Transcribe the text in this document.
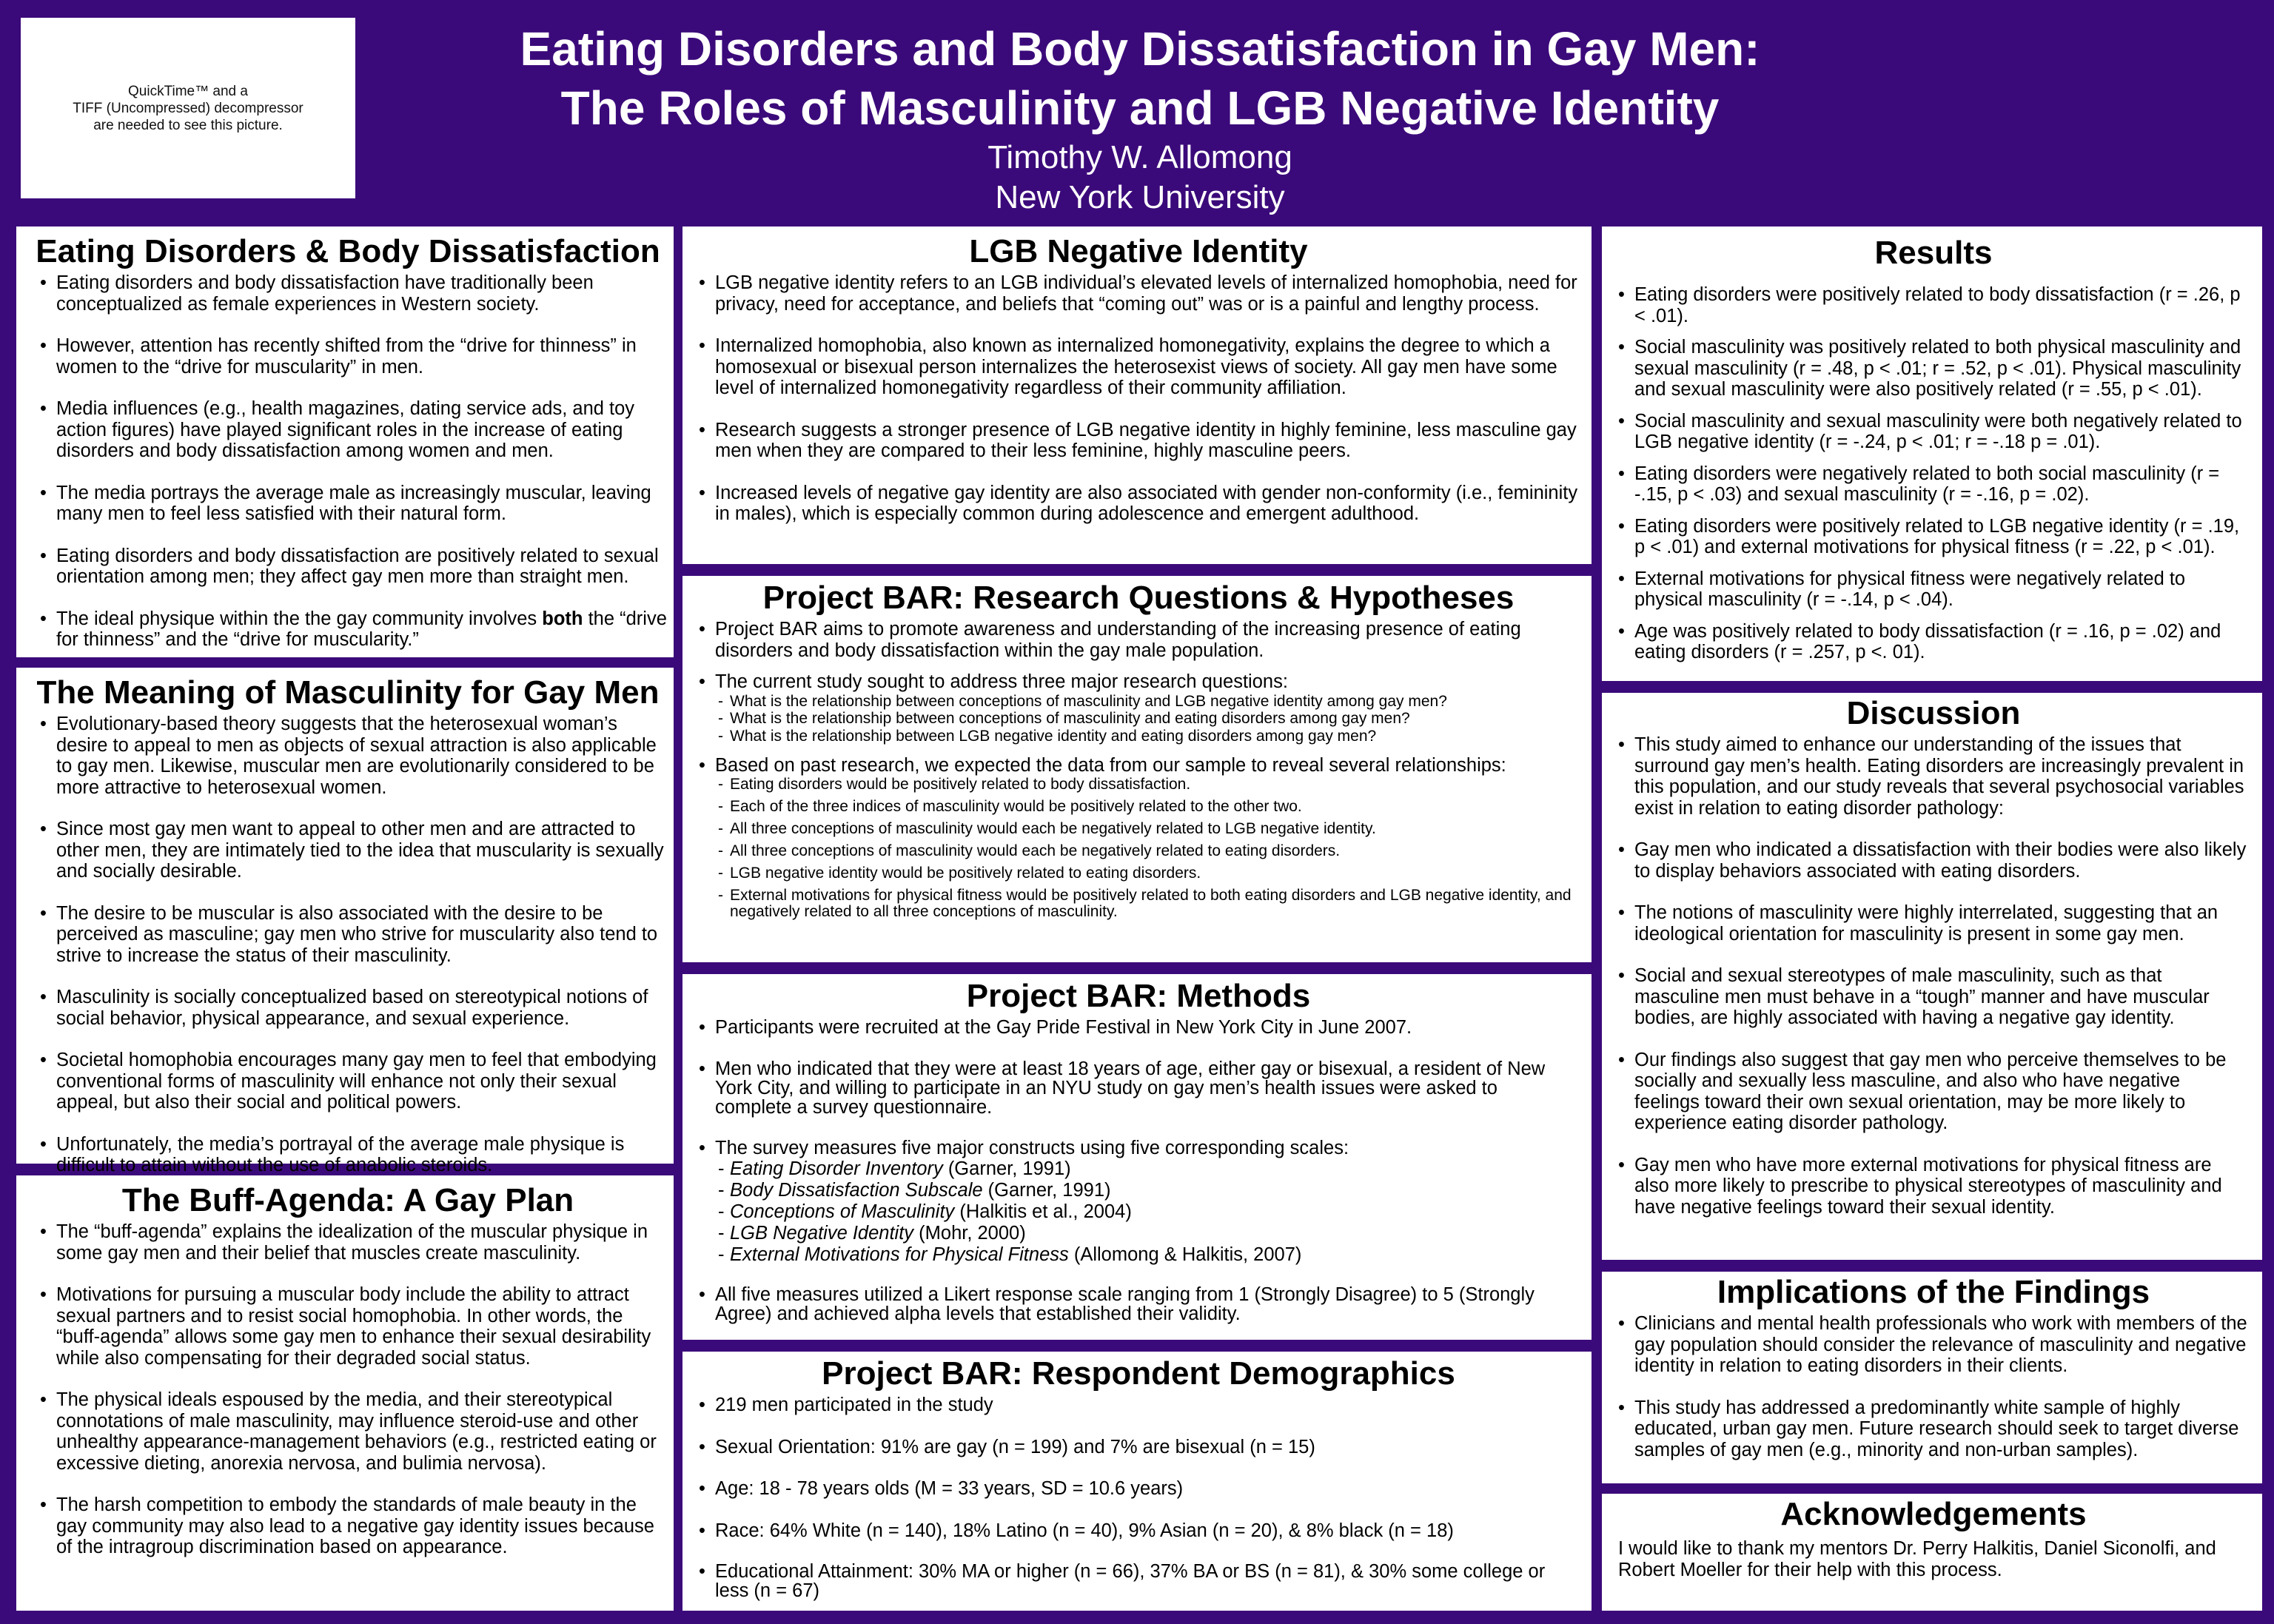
QuickTime™ and a
TIFF (Uncompressed) decompressor
are needed to see this picture.
Eating Disorders and Body Dissatisfaction in Gay Men:
The Roles of Masculinity and LGB Negative Identity
Timothy W. Allomong
New York University
Eating Disorders & Body Dissatisfaction
• Eating disorders and body dissatisfaction have traditionally been conceptualized as female experiences in Western society.
• However, attention has recently shifted from the “drive for thinness” in women to the “drive for muscularity” in men.
• Media influences (e.g., health magazines, dating service ads, and toy action figures) have played significant roles in the increase of eating disorders and body dissatisfaction among women and men.
• The media portrays the average male as increasingly muscular, leaving many men to feel less satisfied with their natural form.
• Eating disorders and body dissatisfaction are positively related to sexual orientation among men; they affect gay men more than straight men.
• The ideal physique within the the gay community involves both the “drive for thinness” and the “drive for muscularity.”
The Meaning of Masculinity for Gay Men
• Evolutionary-based theory suggests that the heterosexual woman’s desire to appeal to men as objects of sexual attraction is also applicable to gay men. Likewise, muscular men are evolutionarily considered to be more attractive to heterosexual women.
• Since most gay men want to appeal to other men and are attracted to other men, they are intimately tied to the idea that muscularity is sexually and socially desirable.
• The desire to be muscular is also associated with the desire to be perceived as masculine; gay men who strive for muscularity also tend to strive to increase the status of their masculinity.
• Masculinity is socially conceptualized based on stereotypical notions of social behavior, physical appearance, and sexual experience.
• Societal homophobia encourages many gay men to feel that embodying conventional forms of masculinity will enhance not only their sexual appeal, but also their social and political powers.
• Unfortunately, the media’s portrayal of the average male physique is difficult to attain without the use of anabolic steroids.
The Buff-Agenda: A Gay Plan
• The “buff-agenda” explains the idealization of the muscular physique in some gay men and their belief that muscles create masculinity.
• Motivations for pursuing a muscular body include the ability to attract sexual partners and to resist social homophobia. In other words, the “buff-agenda” allows some gay men to enhance their sexual desirability while also compensating for their degraded social status.
• The physical ideals espoused by the media, and their stereotypical connotations of male masculinity, may influence steroid-use and other unhealthy appearance-management behaviors (e.g., restricted eating or excessive dieting, anorexia nervosa, and bulimia nervosa).
• The harsh competition to embody the standards of male beauty in the gay community may also lead to a negative gay identity issues because of the intragroup discrimination based on appearance.
LGB Negative Identity
• LGB negative identity refers to an LGB individual’s elevated levels of internalized homophobia, need for privacy, need for acceptance, and beliefs that “coming out” was or is a painful and lengthy process.
• Internalized homophobia, also known as internalized homonegativity, explains the degree to which a homosexual or bisexual person internalizes the heterosexist views of society. All gay men have some level of internalized homonegativity regardless of their community affiliation.
• Research suggests a stronger presence of LGB negative identity in highly feminine, less masculine gay men when they are compared to their less feminine, highly masculine peers.
• Increased levels of negative gay identity are also associated with gender non-conformity (i.e., femininity in males), which is especially common during adolescence and emergent adulthood.
Project BAR: Research Questions & Hypotheses
• Project BAR aims to promote awareness and understanding of the increasing presence of eating disorders and body dissatisfaction within the gay male population.
• The current study sought to address three major research questions:
- What is the relationship between conceptions of masculinity and LGB negative identity among gay men?
- What is the relationship between conceptions of masculinity and eating disorders among gay men?
- What is the relationship between LGB negative identity and eating disorders among gay men?
• Based on past research, we expected the data from our sample to reveal several relationships:
- Eating disorders would be positively related to body dissatisfaction.
- Each of the three indices of masculinity would be positively related to the other two.
- All three conceptions of masculinity would each be negatively related to LGB negative identity.
- All three conceptions of masculinity would each be negatively related to eating disorders.
- LGB negative identity would be positively related to eating disorders.
- External motivations for physical fitness would be positively related to both eating disorders and LGB negative identity, and negatively related to all three conceptions of masculinity.
Project BAR: Methods
• Participants were recruited at the Gay Pride Festival in New York City in June 2007.
• Men who indicated that they were at least 18 years of age, either gay or bisexual, a resident of New York City, and willing to participate in an NYU study on gay men’s health issues were asked to complete a survey questionnaire.
• The survey measures five major constructs using five corresponding scales:
- Eating Disorder Inventory (Garner, 1991)
- Body Dissatisfaction Subscale (Garner, 1991)
- Conceptions of Masculinity (Halkitis et al., 2004)
- LGB Negative Identity (Mohr, 2000)
- External Motivations for Physical Fitness (Allomong & Halkitis, 2007)
• All five measures utilized a Likert response scale ranging from 1 (Strongly Disagree) to 5 (Strongly Agree) and achieved alpha levels that established their validity.
Project BAR: Respondent Demographics
• 219 men participated in the study
• Sexual Orientation: 91% are gay (n = 199) and 7% are bisexual (n = 15)
• Age: 18 - 78 years olds (M = 33 years, SD = 10.6 years)
• Race: 64% White (n = 140), 18% Latino (n = 40), 9% Asian (n = 20), & 8% black (n = 18)
• Educational Attainment: 30% MA or higher (n = 66), 37% BA or BS (n = 81), & 30% some college or less (n = 67)
Results
• Eating disorders were positively related to body dissatisfaction (r = .26, p < .01).
• Social masculinity was positively related to both physical masculinity and sexual masculinity (r = .48, p < .01; r = .52, p < .01). Physical masculinity and sexual masculinity were also positively related (r = .55, p < .01).
• Social masculinity and sexual masculinity were both negatively related to LGB negative identity (r = -.24, p < .01; r = -.18 p = .01).
• Eating disorders were negatively related to both social masculinity (r = -.15, p < .03) and sexual masculinity (r = -.16, p = .02).
• Eating disorders were positively related to LGB negative identity (r = .19, p < .01) and external motivations for physical fitness (r = .22, p < .01).
• External motivations for physical fitness were negatively related to physical masculinity (r = -.14, p < .04).
• Age was positively related to body dissatisfaction (r = .16, p = .02) and eating disorders (r = .257, p <. 01).
Discussion
• This study aimed to enhance our understanding of the issues that surround gay men’s health. Eating disorders are increasingly prevalent in this population, and our study reveals that several psychosocial variables exist in relation to eating disorder pathology:
• Gay men who indicated a dissatisfaction with their bodies were also likely to display behaviors associated with eating disorders.
• The notions of masculinity were highly interrelated, suggesting that an ideological orientation for masculinity is present in some gay men.
• Social and sexual stereotypes of male masculinity, such as that masculine men must behave in a “tough” manner and have muscular bodies, are highly associated with having a negative gay identity.
• Our findings also suggest that gay men who perceive themselves to be socially and sexually less masculine, and also who have negative feelings toward their own sexual orientation, may be more likely to experience eating disorder pathology.
• Gay men who have more external motivations for physical fitness are also more likely to prescribe to physical stereotypes of masculinity and have negative feelings toward their sexual identity.
Implications of the Findings
• Clinicians and mental health professionals who work with members of the gay population should consider the relevance of masculinity and negative identity in relation to eating disorders in their clients.
• This study has addressed a predominantly white sample of highly educated, urban gay men. Future research should seek to target diverse samples of gay men (e.g., minority and non-urban samples).
Acknowledgements
I would like to thank my mentors Dr. Perry Halkitis, Daniel Siconolfi, and Robert Moeller for their help with this process.
